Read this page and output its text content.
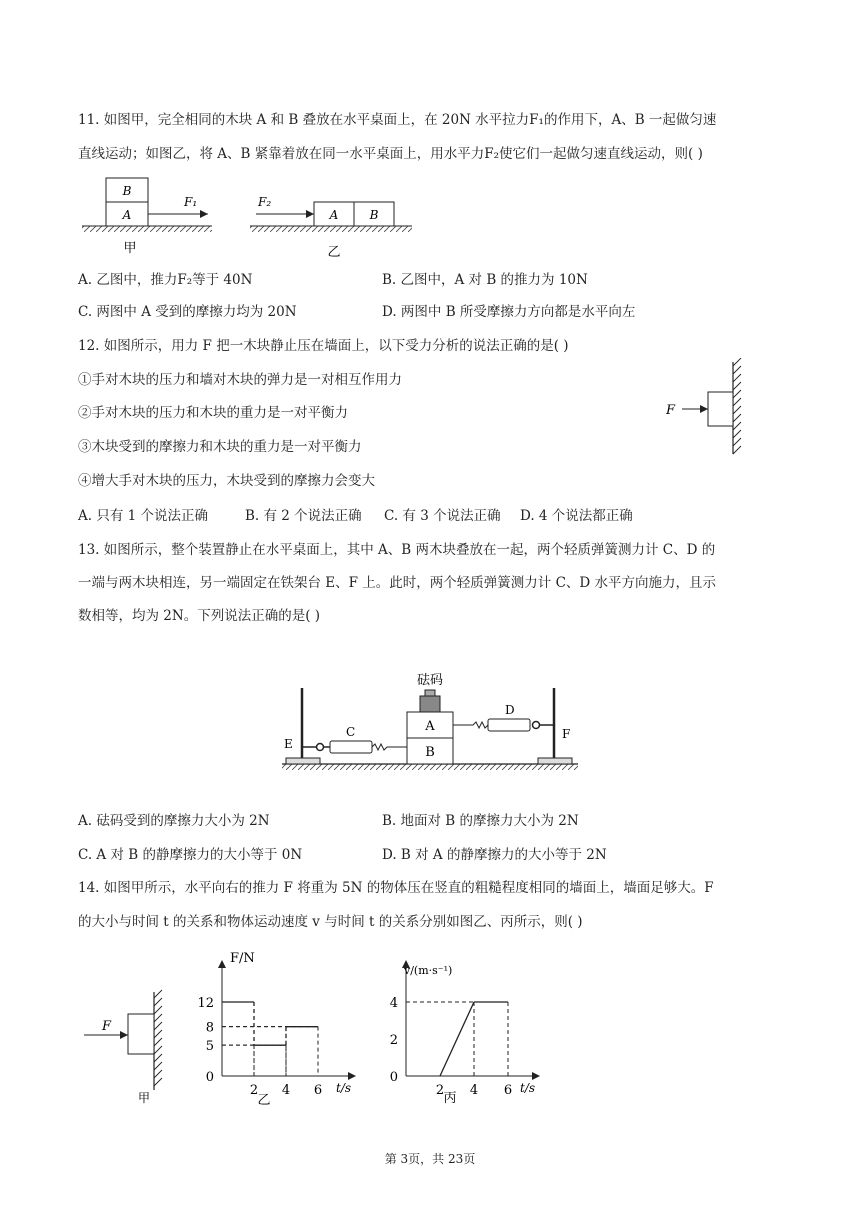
11. 如图甲，完全相同的木块 A 和 B 叠放在水平桌面上，在 20N 水平拉力F₁的作用下，A、B 一起做匀速
直线运动；如图乙，将 A、B 紧靠着放在同一水平桌面上，用水平力F₂使它们一起做匀速直线运动，则( )
B
A
F₁
甲
A	B
F₂
乙
A. 乙图中，推力F₂等于 40N	B. 乙图中，A 对 B 的推力为 10N
C. 两图中 A 受到的摩擦力均为 20N	D. 两图中 B 所受摩擦力方向都是水平向左
12. 如图所示，用力 F 把一木块静止压在墙面上，以下受力分析的说法正确的是( )
①手对木块的压力和墙对木块的弹力是一对相互作用力
②手对木块的压力和木块的重力是一对平衡力
③木块受到的摩擦力和木块的重力是一对平衡力
④增大手对木块的压力，木块受到的摩擦力会变大
F
A. 只有 1 个说法正确	B. 有 2 个说法正确 C. 有 3 个说法正确 D. 4 个说法都正确
13. 如图所示，整个装置静止在水平桌面上，其中 A、B 两木块叠放在一起，两个轻质弹簧测力计 C、D 的
一端与两木块相连，另一端固定在铁架台 E、F 上。此时，两个轻质弹簧测力计 C、D 水平方向施力，且示
数相等，均为 2N。下列说法正确的是( )
E
F
C	A
B
砝码
D
A. 砝码受到的摩擦力大小为 2N	B. 地面对 B 的摩擦力大小为 2N
C. A 对 B 的静摩擦力的大小等于 0N	D. B 对 A 的静摩擦力的大小等于 2N
14. 如图甲所示，水平向右的推力 F 将重为 5N 的物体压在竖直的粗糙程度相同的墙面上，墙面足够大。F
的大小与时间 t 的关系和物体运动速度 v 与时间 t 的关系分别如图乙、丙所示，则( )
F
甲
F/N
t/s
12
8
5
0
2 4 6
乙
v/(m·s⁻¹)
t/s
4
2
0
2 4 6
丙
第 3页，共 23页
